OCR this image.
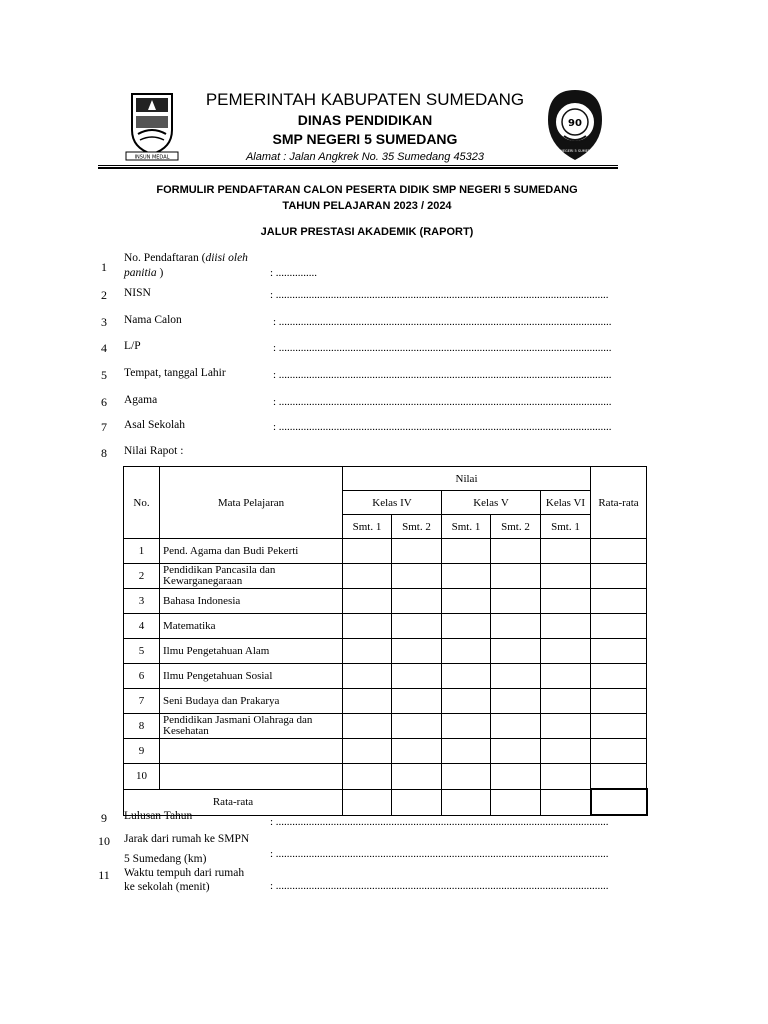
INSUN MEDAL
90
SMP NEGERI 5 SUMEDANG
PEMERINTAH KABUPATEN SUMEDANG
DINAS PENDIDIKAN
SMP NEGERI 5 SUMEDANG
Alamat : Jalan Angkrek No. 35 Sumedang 45323
FORMULIR PENDAFTARAN CALON PESERTA DIDIK SMP NEGERI 5 SUMEDANG
TAHUN PELAJARAN 2023 / 2024
JALUR PRESTASI AKADEMIK (RAPORT)
1
No. Pendaftaran (diisi oleh panitia )	: ...............
2	NISN	: .........................................................................................................................
3	Nama Calon	: .........................................................................................................................
4	L/P	: .........................................................................................................................
5	Tempat, tanggal Lahir	: .........................................................................................................................
6	Agama	: .........................................................................................................................
7	Asal Sekolah	: .........................................................................................................................
8	Nilai Rapot :
No.	Mata Pelajaran	Nilai					Rata-rata
		Kelas IV		Kelas V		Kelas VI	
		Smt. 1	Smt. 2	Smt. 1	Smt. 2	Smt. 1	
1	Pend. Agama dan Budi Pekerti						
2	Pendidikan Pancasila dan Kewarganegaraan						
3	Bahasa Indonesia						
4	Matematika						
5	Ilmu Pengetahuan Alam						
6	Ilmu Pengetahuan Sosial						
7	Seni Budaya dan Prakarya						
8	Pendidikan Jasmani Olahraga dan Kesehatan						
9							
10							
Rata-rata							
9	Lulusan Tahun	: .........................................................................................................................
10	Jarak dari rumah ke SMPN
5 Sumedang (km)	: .........................................................................................................................
11	Waktu tempuh dari rumah
ke sekolah (menit)	: .........................................................................................................................
